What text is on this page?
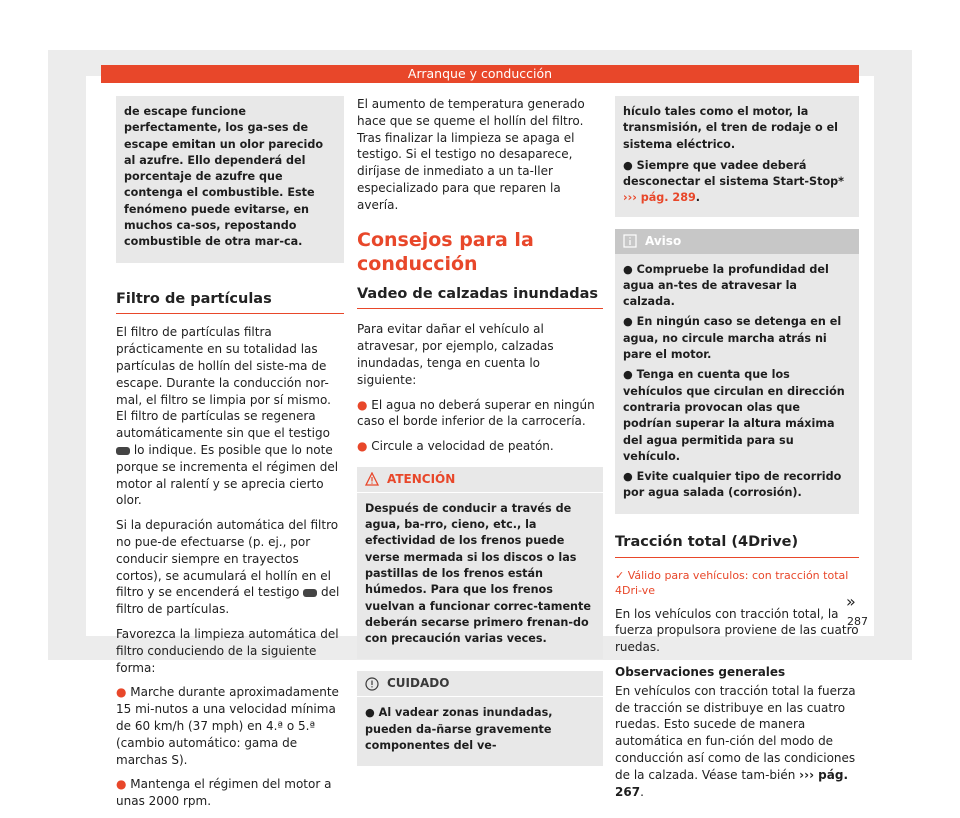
Arranque y conducción
de escape funcione perfectamente, los ga-ses de escape emitan un olor parecido al azufre. Ello dependerá del porcentaje de azufre que contenga el combustible. Este fenómeno puede evitarse, en muchos ca-sos, repostando combustible de otra mar-ca.
Filtro de partículas

El filtro de partículas filtra prácticamente en su totalidad las partículas de hollín del siste-ma de escape. Durante la conducción nor-mal, el filtro se limpia por sí mismo. El filtro de partículas se regenera automáticamente sin que el testigo  lo indique. Es posible que lo note porque se incrementa el régimen del motor al ralentí y se aprecia cierto olor.

Si la depuración automática del filtro no pue-de efectuarse (p. ej., por conducir siempre en trayectos cortos), se acumulará el hollín en el filtro y se encenderá el testigo del filtro de partículas.

Favorezca la limpieza automática del filtro conduciendo de la siguiente forma:

● Marche durante aproximadamente 15 mi-nutos a una velocidad mínima de 60 km/h (37 mph) en 4.ª o 5.ª (cambio automático: gama de marchas S).

● Mantenga el régimen del motor a unas 2000 rpm.

El aumento de temperatura generado hace que se queme el hollín del filtro. Tras finalizar la limpieza se apaga el testigo. Si el testigo no desaparece, diríjase de inmediato a un ta-ller especializado para que reparen la avería.

Consejos para la conducción
Vadeo de calzadas inundadas

Para evitar dañar el vehículo al atravesar, por ejemplo, calzadas inundadas, tenga en cuenta lo siguiente:

● El agua no deberá superar en ningún caso el borde inferior de la carrocería.

● Circule a velocidad de peatón.

ATENCIÓN
Después de conducir a través de agua, ba-rro, cieno, etc., la efectividad de los frenos puede verse mermada si los discos o las pastillas de los frenos están húmedos. Para que los frenos vuelvan a funcionar correc-tamente deberán secarse primero frenan-do con precaución varias veces.
CUIDADO
● Al vadear zonas inundadas, pueden da-ñarse gravemente componentes del ve-
hículo tales como el motor, la transmisión, el tren de rodaje o el sistema eléctrico.
● Siempre que vadee deberá desconectar el sistema Start-Stop* ››› pág. 289.
Aviso
● Compruebe la profundidad del agua an-tes de atravesar la calzada.
● En ningún caso se detenga en el agua, no circule marcha atrás ni pare el motor.
● Tenga en cuenta que los vehículos que circulan en dirección contraria provocan olas que podrían superar la altura máxima del agua permitida para su vehículo.
● Evite cualquier tipo de recorrido por agua salada (corrosión).
Tracción total (4Drive)

✓ Válido para vehículos: con tracción total 4Dri-ve

En los vehículos con tracción total, la fuerza propulsora proviene de las cuatro ruedas.

Observaciones generales

En vehículos con tracción total la fuerza de tracción se distribuye en las cuatro ruedas. Esto sucede de manera automática en fun-ción del modo de conducción así como de las condiciones de la calzada. Véase tam-bién ››› pág. 267.

»
287
